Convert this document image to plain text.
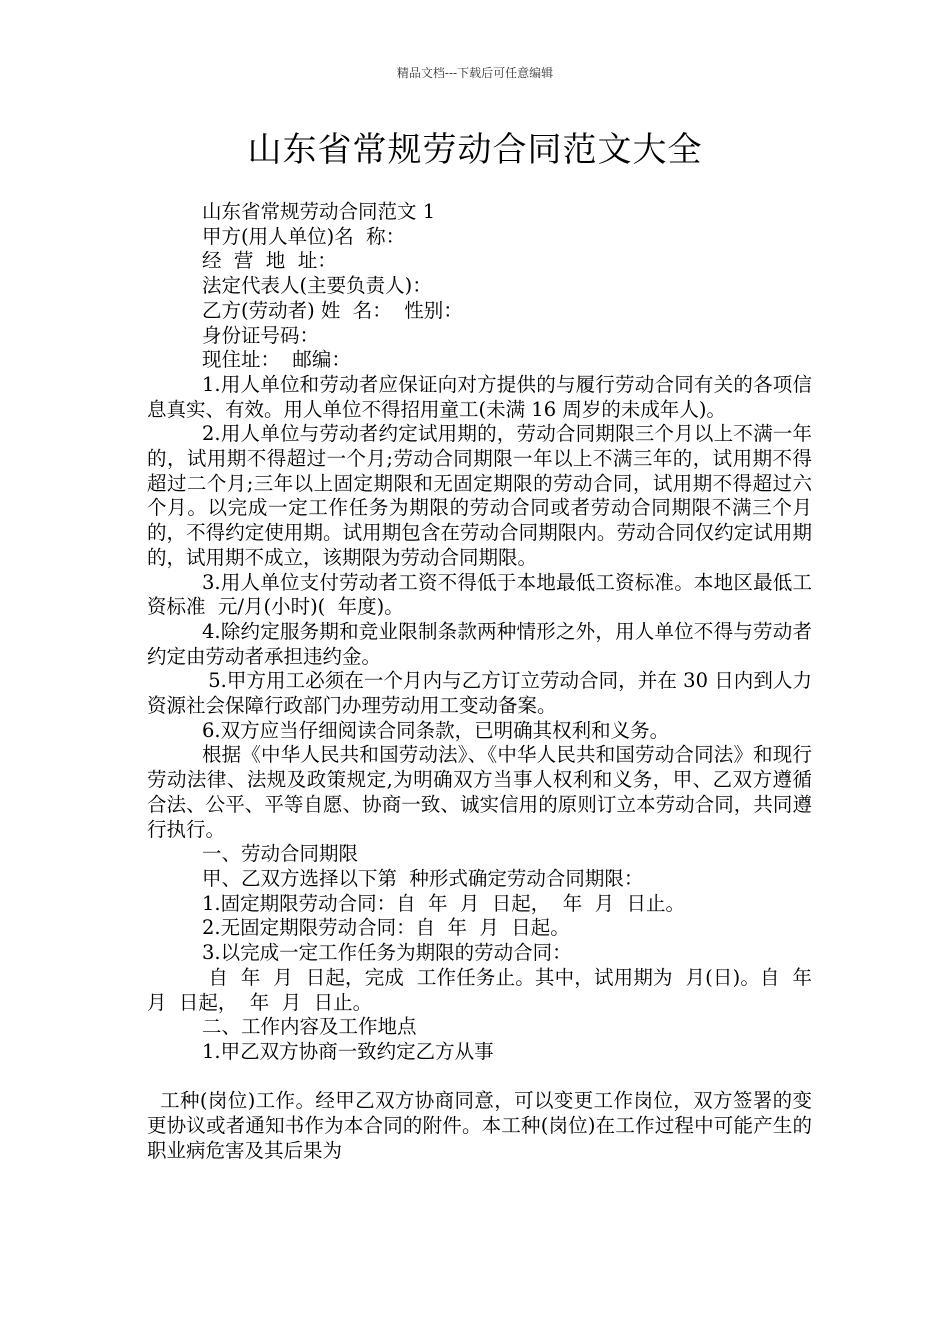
精品文档---下载后可任意编辑
山东省常规劳动合同范文大全

山东省常规劳动合同范文 1

甲方(用人单位)名  称：

经  营  地  址：

法定代表人(主要负责人)：

乙方(劳动者) 姓  名：  性别：

身份证号码：

现住址：  邮编：

1.用人单位和劳动者应保证向对方提供的与履行劳动合同有关的各项信息真实、有效。用人单位不得招用童工(未满 16 周岁的未成年人)。

2.用人单位与劳动者约定试用期的，劳动合同期限三个月以上不满一年的，试用期不得超过一个月;劳动合同期限一年以上不满三年的，试用期不得超过二个月;三年以上固定期限和无固定期限的劳动合同，试用期不得超过六个月。以完成一定工作任务为期限的劳动合同或者劳动合同期限不满三个月的，不得约定使用期。试用期包含在劳动合同期限内。劳动合同仅约定试用期的，试用期不成立，该期限为劳动合同期限。

3.用人单位支付劳动者工资不得低于本地最低工资标准。本地区最低工资标准  元/月(小时)(  年度)。

4.除约定服务期和竞业限制条款两种情形之外，用人单位不得与劳动者约定由劳动者承担违约金。

5.甲方用工必须在一个月内与乙方订立劳动合同，并在 30 日内到人力资源社会保障行政部门办理劳动用工变动备案。

6.双方应当仔细阅读合同条款，已明确其权利和义务。

根据《中华人民共和国劳动法》、《中华人民共和国劳动合同法》和现行劳动法律、法规及政策规定,为明确双方当事人权利和义务，甲、乙双方遵循合法、公平、平等自愿、协商一致、诚实信用的原则订立本劳动合同，共同遵行执行。

一、劳动合同期限

甲、乙双方选择以下第  种形式确定劳动合同期限：

1.固定期限劳动合同：自  年  月  日起，  年  月  日止。

2.无固定期限劳动合同：自  年  月  日起。

3.以完成一定工作任务为期限的劳动合同：

自  年  月  日起，完成  工作任务止。其中，试用期为  月(日)。自  年  月  日起，  年  月  日止。

二、工作内容及工作地点

1.甲乙双方协商一致约定乙方从事

工种(岗位)工作。经甲乙双方协商同意，可以变更工作岗位，双方签署的变更协议或者通知书作为本合同的附件。本工种(岗位)在工作过程中可能产生的职业病危害及其后果为
